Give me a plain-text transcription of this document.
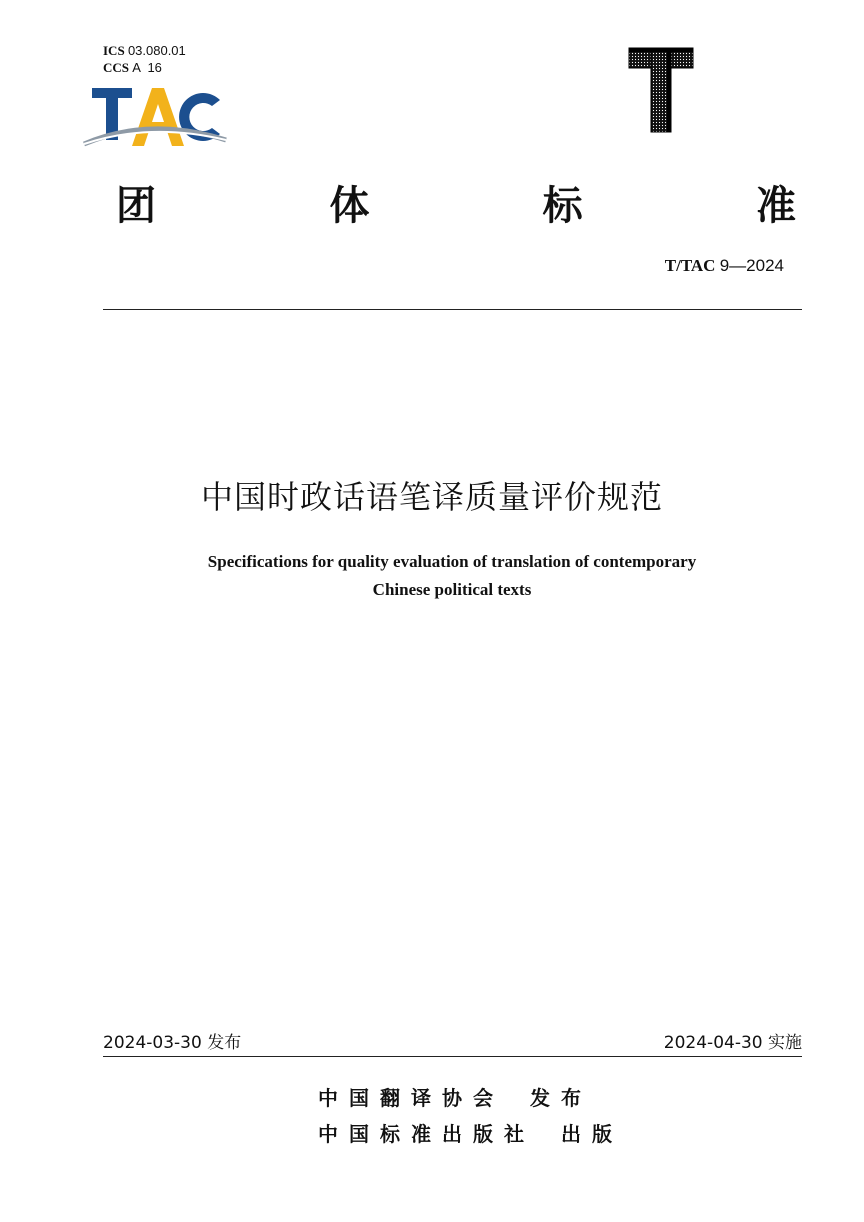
ICS 03.080.01
CCS A  16
团	体	标	准
T/TAC 9—2024
中国时政话语笔译质量评价规范
Specifications for quality evaluation of translation of contemporary
Chinese political texts
2024-03-30 发布	2024-04-30 实施
中国翻译协会 发布
中国标准出版社 出版
